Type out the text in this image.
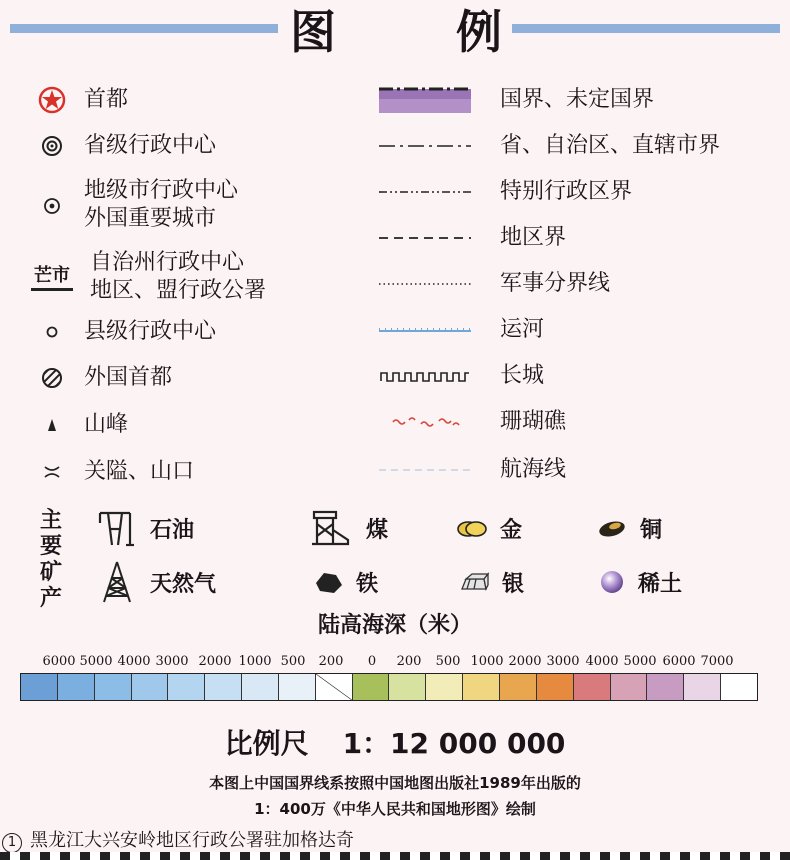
图	例
首都
省级行政中心
地级市行政中心
外国重要城市
芒市 自治州行政中心
地区、盟行政公署
县级行政中心
外国首都
山峰
关隘、山口
国界、未定国界
省、自治区、直辖市界
特别行政区界
地区界
军事分界线
运河
长城
珊瑚礁
航海线
主要矿产
石油	煤	金	铜
天然气	铁	银	稀土
陆高海深（米）
6000 5000 4000 3000 2000 1000 500 200 0 200 500 1000 2000 3000 4000 5000 6000 7000
比例尺 1：12 000 000
本图上中国国界线系按照中国地图出版社1989年出版的
1：400万《中华人民共和国地形图》绘制
1 黑龙江大兴安岭地区行政公署驻加格达奇
